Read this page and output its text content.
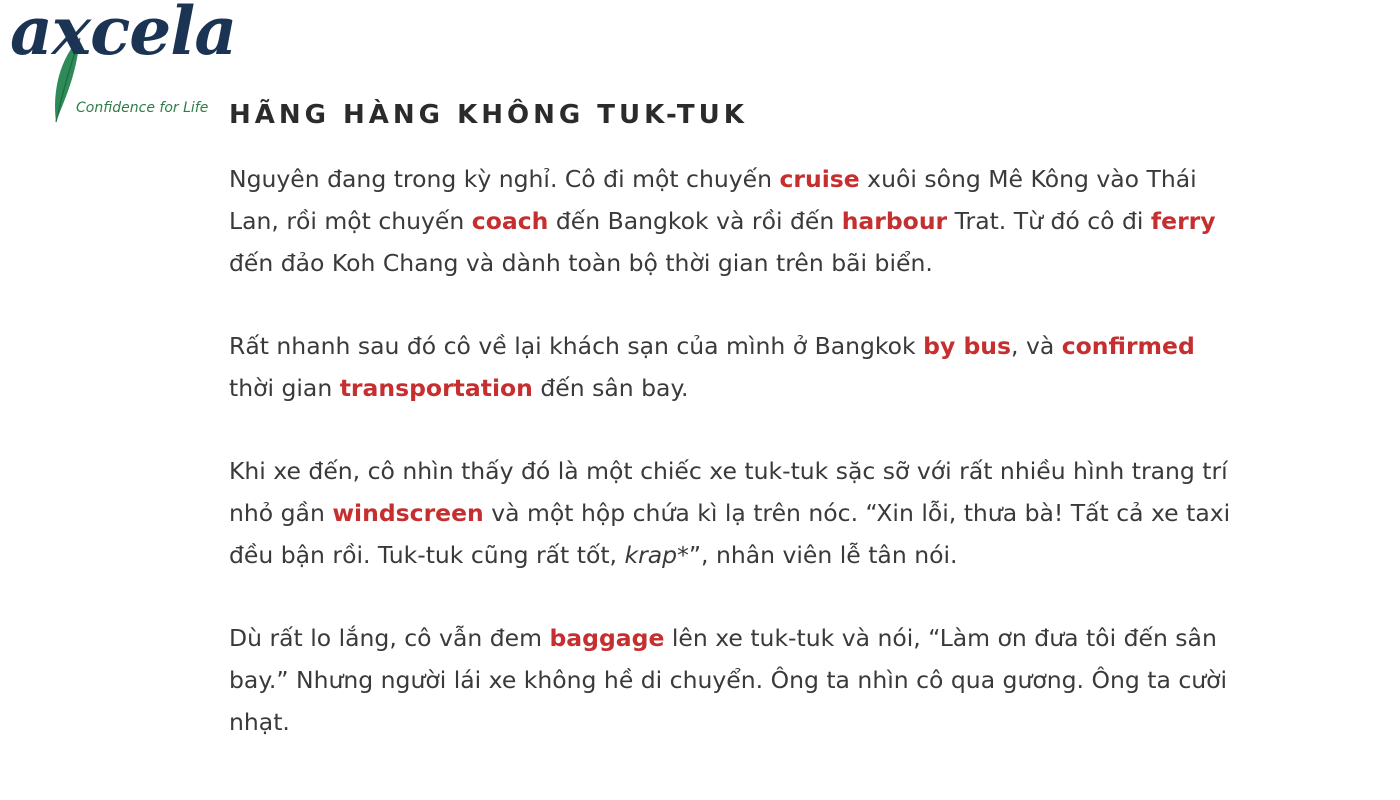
axcela
Confidence for Life HÃNG HÀNG KHÔNG TUK-TUK

Nguyên đang trong kỳ nghỉ. Cô đi một chuyến cruise xuôi sông Mê Kông vào Thái Lan, rồi một chuyến coach đến Bangkok và rồi đến harbour Trat. Từ đó cô đi ferry đến đảo Koh Chang và dành toàn bộ thời gian trên bãi biển.

Rất nhanh sau đó cô về lại khách sạn của mình ở Bangkok by bus, và confirmed thời gian transportation đến sân bay.

Khi xe đến, cô nhìn thấy đó là một chiếc xe tuk-tuk sặc sỡ với rất nhiều hình trang trí nhỏ gần windscreen và một hộp chứa kì lạ trên nóc. “Xin lỗi, thưa bà! Tất cả xe taxi đều bận rồi. Tuk-tuk cũng rất tốt, krap*”, nhân viên lễ tân nói.

Dù rất lo lắng, cô vẫn đem baggage lên xe tuk-tuk và nói, “Làm ơn đưa tôi đến sân bay.” Nhưng người lái xe không hề di chuyển. Ông ta nhìn cô qua gương. Ông ta cười nhạt.
